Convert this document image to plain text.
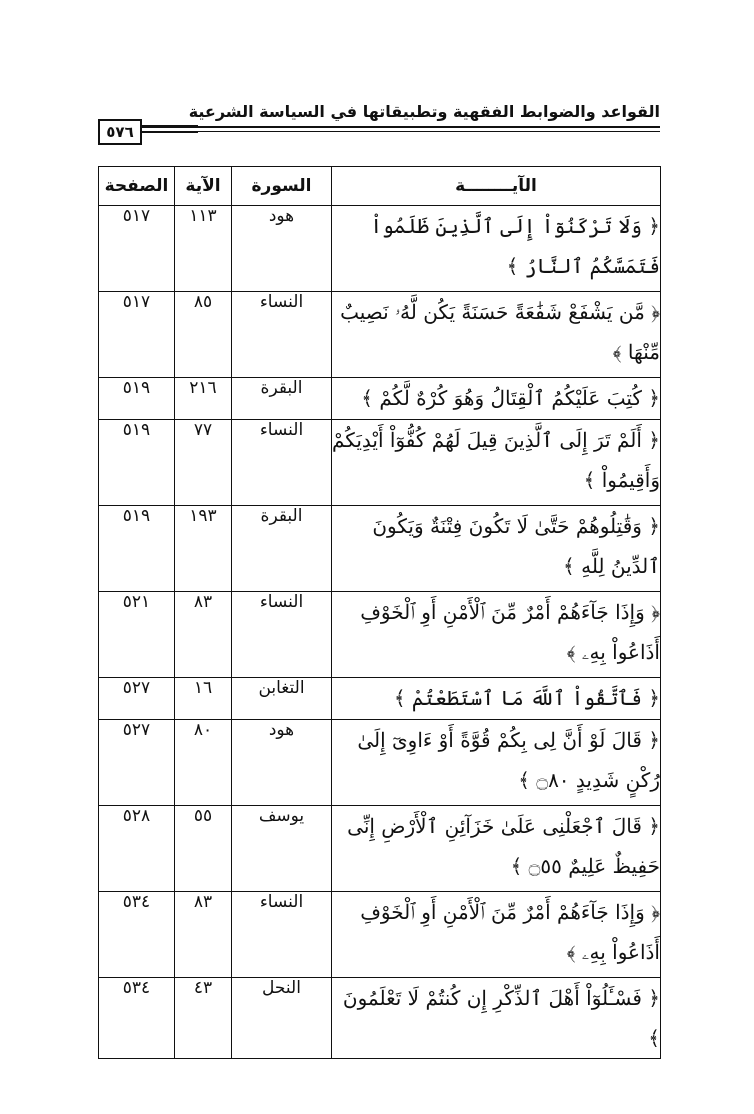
القواعد والضوابط الفقهية وتطبيقاتها في السياسة الشرعية
٥٧٦
الآيــــــــة	السورة	الآية	الصفحة
﴿ وَلَا تَرْكَنُوٓاْ إِلَى ٱلَّذِينَ ظَلَمُواْ فَتَمَسَّكُمُ ٱلنَّارُ ﴾	هود	١١٣	٥١٧
﴿ مَّن يَشْفَعْ شَفَٰعَةً حَسَنَةً يَكُن لَّهُۥ نَصِيبٌ مِّنْهَا ﴾	النساء	٨٥	٥١٧
﴿ كُتِبَ عَلَيْكُمُ ٱلْقِتَالُ وَهُوَ كُرْهٌ لَّكُمْ ﴾	البقرة	٢١٦	٥١٩
﴿ أَلَمْ تَرَ إِلَى ٱلَّذِينَ قِيلَ لَهُمْ كُفُّوٓاْ أَيْدِيَكُمْ وَأَقِيمُواْ ﴾	النساء	٧٧	٥١٩
﴿ وَقَٰتِلُوهُمْ حَتَّىٰ لَا تَكُونَ فِتْنَةٌ وَيَكُونَ ٱلدِّينُ لِلَّهِ ﴾	البقرة	١٩٣	٥١٩
﴿ وَإِذَا جَآءَهُمْ أَمْرٌ مِّنَ ٱلْأَمْنِ أَوِ ٱلْخَوْفِ أَذَاعُواْ بِهِۦ ﴾	النساء	٨٣	٥٢١
﴿ فَٱتَّقُواْ ٱللَّهَ مَا ٱسْتَطَعْتُمْ ﴾	التغابن	١٦	٥٢٧
﴿ قَالَ لَوْ أَنَّ لِى بِكُمْ قُوَّةً أَوْ ءَاوِىٓ إِلَىٰ رُكْنٍ شَدِيدٍ ۝٨٠ ﴾	هود	٨٠	٥٢٧
﴿ قَالَ ٱجْعَلْنِى عَلَىٰ خَزَآئِنِ ٱلْأَرْضِ إِنِّى حَفِيظٌ عَلِيمٌ ۝٥٥ ﴾	يوسف	٥٥	٥٢٨
﴿ وَإِذَا جَآءَهُمْ أَمْرٌ مِّنَ ٱلْأَمْنِ أَوِ ٱلْخَوْفِ أَذَاعُواْ بِهِۦ ﴾	النساء	٨٣	٥٣٤
﴿ فَسْـَٔلُوٓاْ أَهْلَ ٱلذِّكْرِ إِن كُنتُمْ لَا تَعْلَمُونَ ﴾	النحل	٤٣	٥٣٤
